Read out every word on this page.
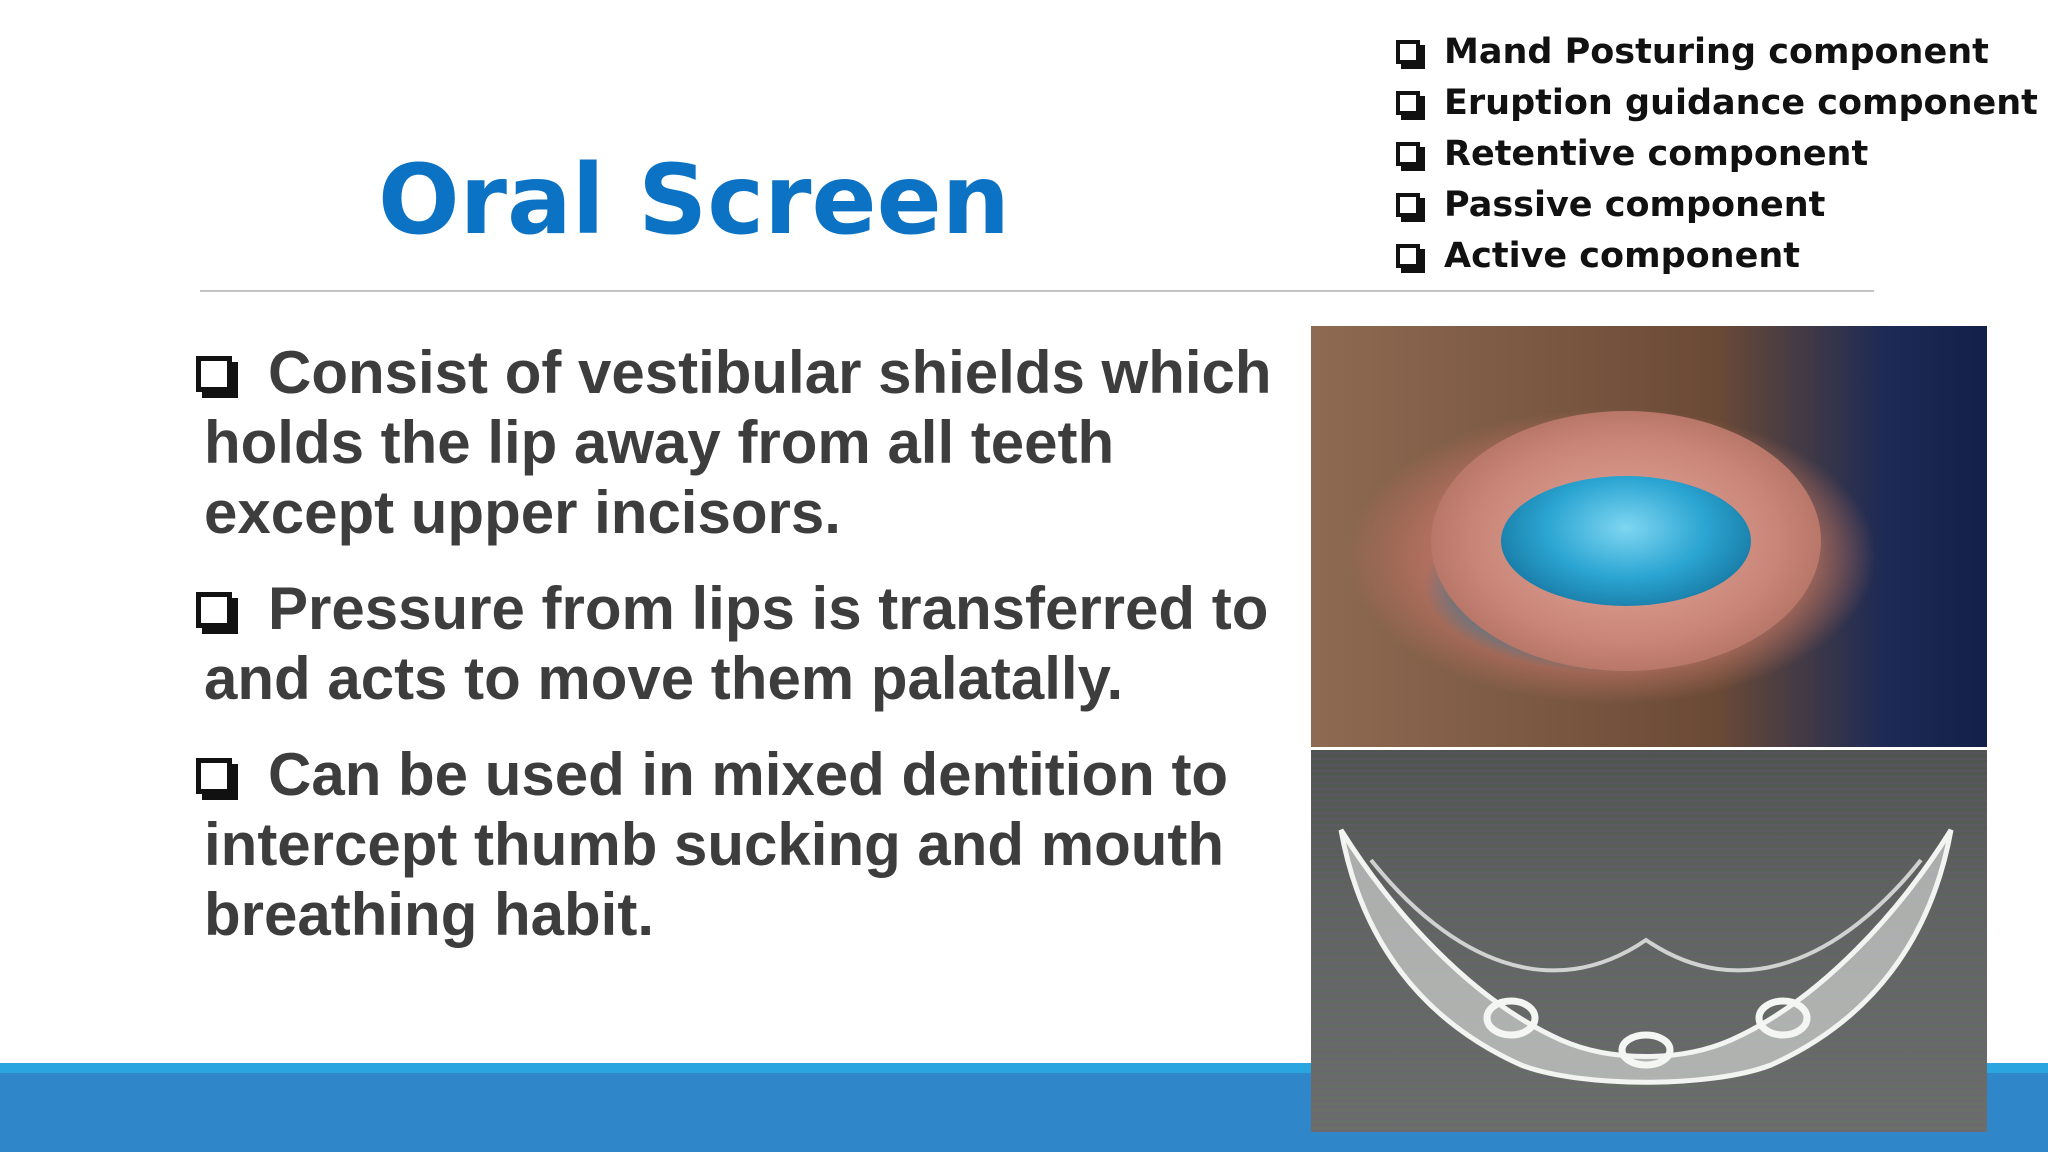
Oral Screen
Mand Posturing component
Eruption guidance component
Retentive component
Passive component
Active component
Consist of vestibular shields which holds the lip away from all teeth except upper incisors.
Pressure from lips is transferred to and acts to move them palatally.
Can be used in mixed dentition to intercept thumb sucking and mouth breathing habit.
